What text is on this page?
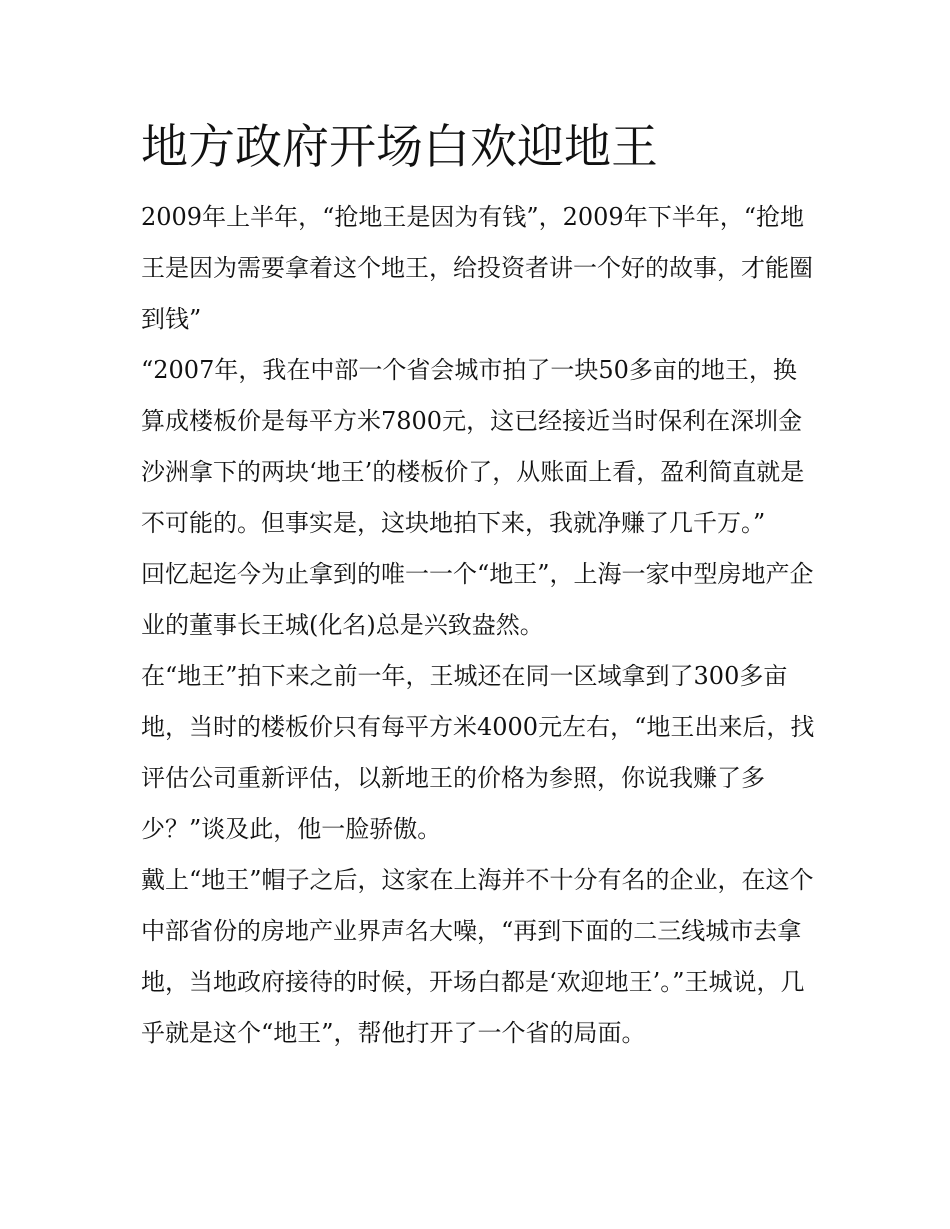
地方政府开场白欢迎地王

2009年上半年，“抢地王是因为有钱”，2009年下半年，“抢地王是因为需要拿着这个地王，给投资者讲一个好的故事，才能圈到钱”

“2007年，我在中部一个省会城市拍了一块50多亩的地王，换算成楼板价是每平方米7800元，这已经接近当时保利在深圳金沙洲拿下的两块‘地王’的楼板价了，从账面上看，盈利简直就是不可能的。但事实是，这块地拍下来，我就净赚了几千万。”

回忆起迄今为止拿到的唯一一个“地王”，上海一家中型房地产企业的董事长王城(化名)总是兴致盎然。

在“地王”拍下来之前一年，王城还在同一区域拿到了300多亩地，当时的楼板价只有每平方米4000元左右，“地王出来后，找评估公司重新评估，以新地王的价格为参照，你说我赚了多少？”谈及此，他一脸骄傲。

戴上“地王”帽子之后，这家在上海并不十分有名的企业，在这个中部省份的房地产业界声名大噪，“再到下面的二三线城市去拿地，当地政府接待的时候，开场白都是‘欢迎地王’。”王城说，几乎就是这个“地王”，帮他打开了一个省的局面。
